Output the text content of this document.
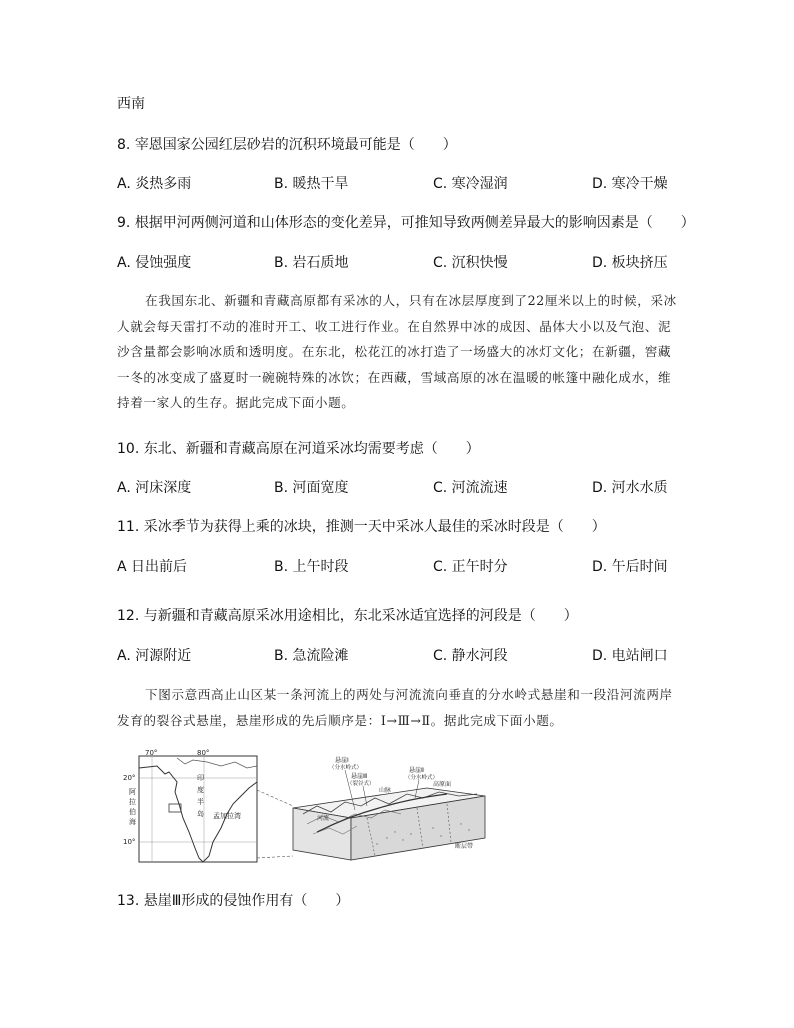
西南
8. 宰恩国家公园红层砂岩的沉积环境最可能是（　　）
A. 炎热多雨	B. 暖热干旱	C. 寒冷湿润	D. 寒冷干燥
9. 根据甲河两侧河道和山体形态的变化差异，可推知导致两侧差异最大的影响因素是（　　）
A. 侵蚀强度	B. 岩石质地	C. 沉积快慢	D. 板块挤压
在我国东北、新疆和青藏高原都有采冰的人，只有在冰层厚度到了22厘米以上的时候，采冰人就会每天雷打不动的准时开工、收工进行作业。在自然界中冰的成因、晶体大小以及气泡、泥沙含量都会影响冰质和透明度。在东北，松花江的冰打造了一场盛大的冰灯文化；在新疆，窖藏一冬的冰变成了盛夏时一碗碗特殊的冰饮；在西藏，雪域高原的冰在温暖的帐篷中融化成水，维持着一家人的生存。据此完成下面小题。
10. 东北、新疆和青藏高原在河道采冰均需要考虑（　　）
A. 河床深度	B. 河面宽度	C. 河流流速	D. 河水水质
11. 采冰季节为获得上乘的冰块，推测一天中采冰人最佳的采冰时段是（　　）
A 日出前后	B. 上午时段	C. 正午时分	D. 午后时间
12. 与新疆和青藏高原采冰用途相比，东北采冰适宜选择的河段是（　　）
A. 河源附近	B. 急流险滩	C. 静水河段	D. 电站闸口
下图示意西高止山区某一条河流上的两处与河流流向垂直的分水岭式悬崖和一段沿河流两岸发育的裂谷式悬崖，悬崖形成的先后顺序是：Ⅰ→Ⅲ→Ⅱ。据此完成下面小题。
70°	80°
20°
10°
阿
拉
伯
海
印
度
半
岛 孟加拉湾
悬崖Ⅰ
（分水岭式）
悬崖Ⅲ
（裂谷式）
悬崖Ⅱ
（分水岭式）
山脉
高原面
河流
断层带
13. 悬崖Ⅲ形成的侵蚀作用有（　　）
